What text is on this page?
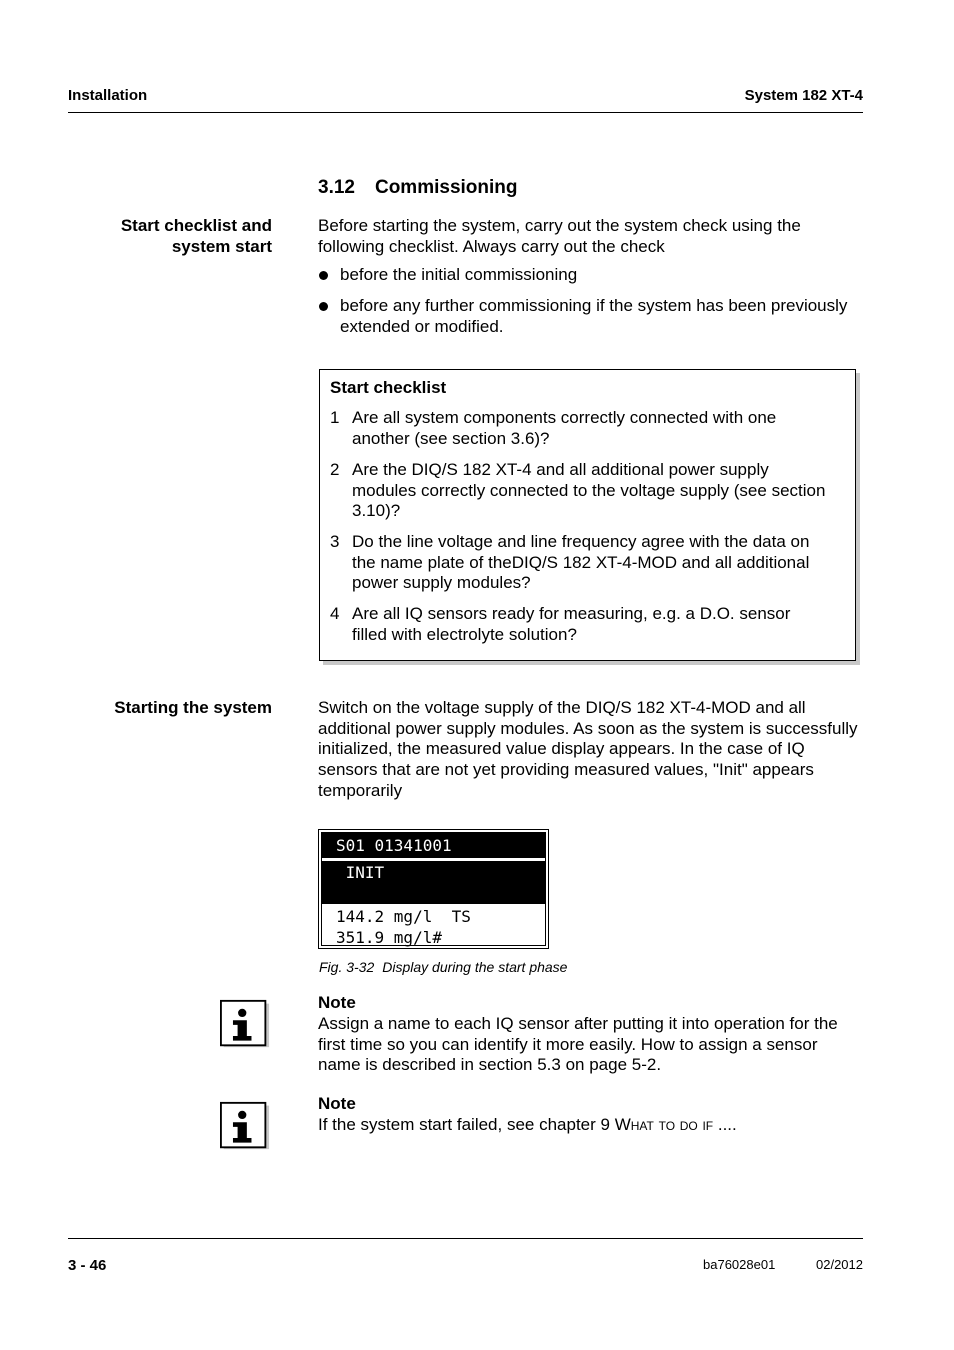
Installation	System 182 XT-4
3.12 Commissioning
Start checklist and
system start
Before starting the system, carry out the system check using the following checklist. Always carry out the check
before the initial commissioning
before any further commissioning if the system has been previously extended or modified.
Start checklist
1 Are all system components correctly connected with one another (see section 3.6)?
2 Are the DIQ/S 182 XT-4 and all additional power supply modules correctly connected to the voltage supply (see section 3.10)?
3 Do the line voltage and line frequency agree with the data on the name plate of theDIQ/S 182 XT-4-MOD and all additional power supply modules?
4 Are all IQ sensors ready for measuring, e.g. a D.O. sensor filled with electrolyte solution?
Starting the system	Switch on the voltage supply of the DIQ/S 182 XT-4-MOD and all additional power supply modules. As soon as the system is successfully initialized, the measured value display appears. In the case of IQ sensors that are not yet providing measured values, "Init" appears temporarily
S01 01341001
INIT
144.2 mg/l  TS
351.9 mg/l#
Fig. 3-32 Display during the start phase
Note
Assign a name to each IQ sensor after putting it into operation for the first time so you can identify it more easily. How to assign a sensor name is described in section 5.3 on page 5-2.
Note
If the system start failed, see chapter 9 What to do if ....
3 - 46	ba76028e01	02/2012
